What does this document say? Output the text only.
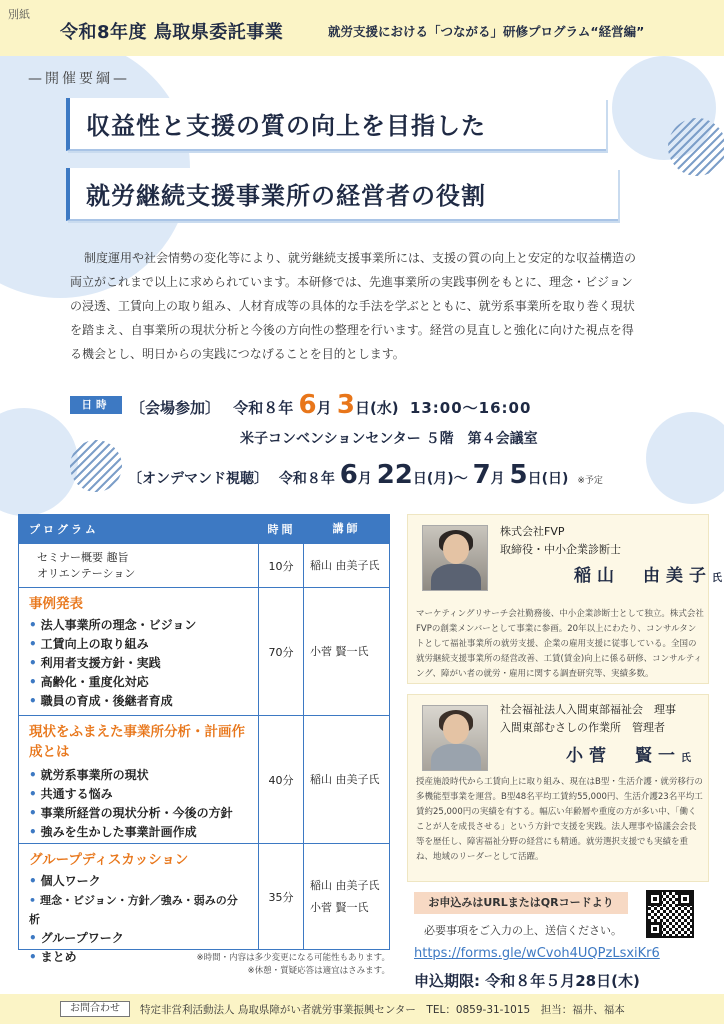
別紙
令和8年度 鳥取県委託事業	就労支援における「つながる」研修プログラム“経営編”
—開催要綱—
収益性と支援の質の向上を目指した
就労継続支援事業所の経営者の役割

制度運用や社会情勢の変化等により、就労継続支援事業所には、支援の質の向上と安定的な収益構造の両立がこれまで以上に求められています。本研修では、先進事業所の実践事例をもとに、理念・ビジョンの浸透、工賃向上の取り組み、人材育成等の具体的な手法を学ぶとともに、就労系事業所を取り巻く現状を踏まえ、自事業所の現状分析と今後の方向性の整理を行います。経営の見直しと強化に向けた視点を得る機会とし、明日からの実践につなげることを目的とします。

日時	〔会場参加〕 令和８年 6月 3日(水) 13:00～16:00
米子コンベンションセンター ５階　第４会議室
〔オンデマンド視聴〕 令和８年 6月 22日(月)～ 7月 5日(日) ※予定
プログラム	時間	講師
セミナー概要 趣旨
オリエンテーション
10分	稲山 由美子氏
事例発表
• 法人事業所の理念・ビジョン
• 工賃向上の取り組み
• 利用者支援方針・実践
• 高齢化・重度化対応
• 職員の育成・後継者育成
70分	小菅 賢一氏
現状をふまえた事業所分析・計画作成とは
• 就労系事業所の現状
• 共通する悩み
• 事業所経営の現状分析・今後の方針
• 強みを生かした事業計画作成
40分	稲山 由美子氏
グループディスカッション
• 個人ワーク
• 理念・ビジョン・方針／強み・弱みの分析
• グループワーク
• まとめ
35分
稲山 由美子氏
小菅 賢一氏
※時間・内容は多少変更になる可能性もあります。
※休憩・質疑応答は適宜はさみます。
株式会社FVP
取締役・中小企業診断士
稲山　由美子氏
マーケティングリサーチ会社勤務後、中小企業診断士として独立。株式会社FVPの創業メンバーとして事業に参画。20年以上にわたり、コンサルタントとして福祉事業所の就労支援、企業の雇用支援に従事している。全国の就労継続支援事業所の経営改善、工賃(賃金)向上に係る研修、コンサルティング、障がい者の就労・雇用に関する調査研究等、実績多数。
社会福祉法人入間東部福祉会　理事
入間東部むさしの作業所　管理者
小菅　賢一氏
授産施設時代から工賃向上に取り組み、現在はB型・生活介護・就労移行の多機能型事業を運営。B型48名平均工賃約55,000円、生活介護23名平均工賃約25,000円の実績を有する。幅広い年齢層や重度の方が多い中、「働くことが人を成長させる」という方針で支援を実践。法人理事や協議会会長等を歴任し、障害福祉分野の経営にも精通。就労選択支援でも実績を重ね、地域のリーダーとして活躍。
お申込みはURLまたはQRコードより
必要事項をご入力の上、送信ください。
https://forms.gle/wCvoh4UQPzLsxiKr6
申込期限: 令和８年５月28日(木)
お問合わせ	特定非営利活動法人 鳥取県障がい者就労事業振興センター　TEL：0859-31-1015　担当：福井、福本
